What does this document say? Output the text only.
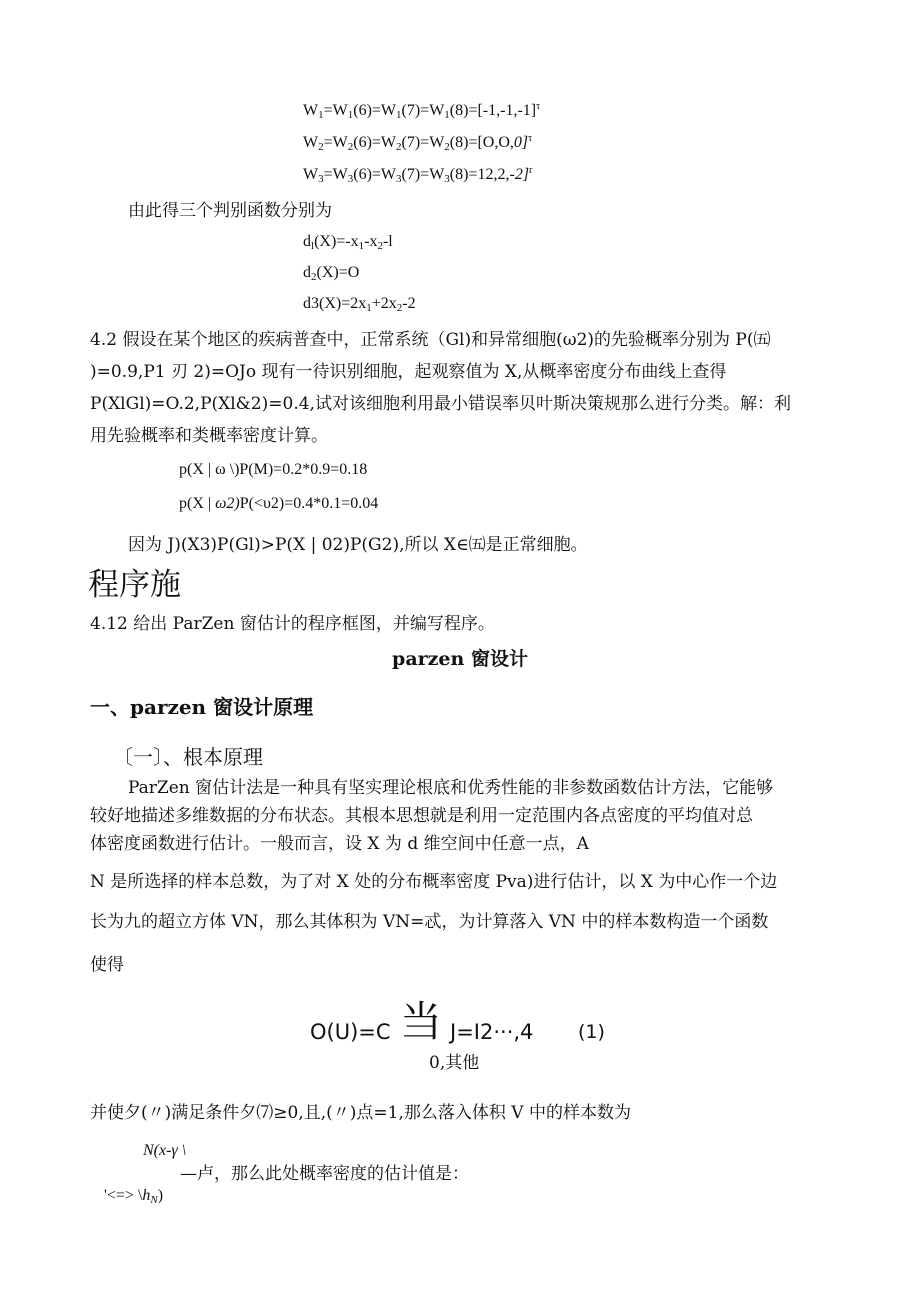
$W1=W1(6)=W1(7)=W1(8)=[-1,-1,-1]^\tau$
$W2=W2(6)=W2(7)=W2(8)=[O,O,0]^\tau$
W3=W3(6)=W3(7)=W3(8)=12,2,-2]$^r$
由此得三个判别函数分别为
dl(X)=-x1-x2-l
d2(X)=O
d3(X)=2x1+2x2-2
4.2 假设在某个地区的疾病普查中，正常系统（Gl)和异常细胞(ω2)的先验概率分别为 P(㈤
)=0.9,P1 刃 2)=OJo 现有一待识别细胞，起观察值为 X,从概率密度分布曲线上查得
P(XlGl)=O.2,P(Xl&2)=0.4,试对该细胞利用最小错误率贝叶斯决策规那么进行分类。解：利
用先验概率和类概率密度计算。
p(X | ω \)P(M)=0.2*0.9=0.18
p(X | ω2)P(<υ2)=0.4*0.1=0.04
因为 J)(X3)P(Gl)>P(X | 02)P(G2),所以 X∈㈤是正常细胞。
程序施
4.12 给出 ParZen 窗估计的程序框图，并编写程序。
parzen 窗设计
一、parzen 窗设计原理
〔一〕、根本原理
ParZen 窗估计法是一种具有坚实理论根底和优秀性能的非参数函数估计方法，它能够
较好地描述多维数据的分布状态。其根本思想就是利用一定范围内各点密度的平均值对总
体密度函数进行估计。一般而言，设 X 为 d 维空间中任意一点，A
N 是所选择的样本总数，为了对 X 处的分布概率密度 Pva)进行估计，以 X 为中心作一个边
长为九的超立方体 VN，那么其体积为 VN=忒，为计算落入 VN 中的样本数构造一个函数
使得
O(U)=C 当 J=I2···,4 (1)
0,其他
并使夕(〃)满足条件夕⑺≥0,且,(〃)点=1,那么落入体积 V 中的样本数为
N(x-γ \
—卢，那么此处概率密度的估计值是：
'<=> \hN)
